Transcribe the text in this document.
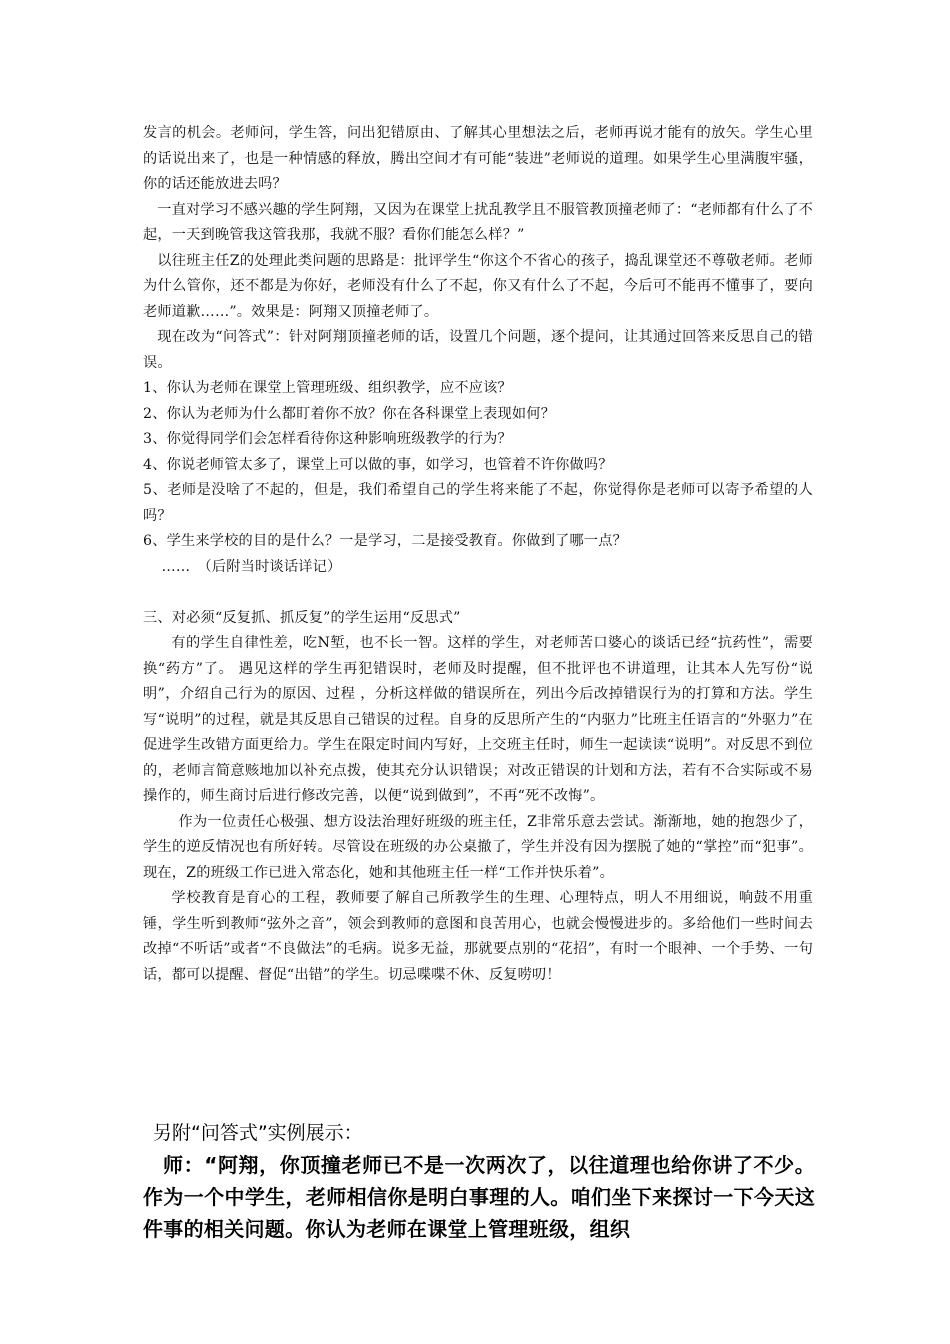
发言的机会。老师问，学生答，问出犯错原由、了解其心里想法之后，老师再说才能有的放矢。学生心里的话说出来了，也是一种情感的释放，腾出空间才有可能“装进”老师说的道理。如果学生心里满腹牢骚，你的话还能放进去吗？

一直对学习不感兴趣的学生阿翔，又因为在课堂上扰乱教学且不服管教顶撞老师了：“老师都有什么了不起，一天到晚管我这管我那，我就不服？看你们能怎么样？”

以往班主任Z的处理此类问题的思路是：批评学生“你这个不省心的孩子，捣乱课堂还不尊敬老师。老师为什么管你，还不都是为你好，老师没有什么了不起，你又有什么了不起，今后可不能再不懂事了，要向老师道歉……”。效果是：阿翔又顶撞老师了。

现在改为“问答式”：针对阿翔顶撞老师的话，设置几个问题，逐个提问，让其通过回答来反思自己的错误。

1、你认为老师在课堂上管理班级、组织教学，应不应该？

2、你认为老师为什么都盯着你不放？你在各科课堂上表现如何？

3、你觉得同学们会怎样看待你这种影响班级教学的行为？

4、你说老师管太多了，课堂上可以做的事，如学习，也管着不许你做吗？

5、老师是没啥了不起的，但是，我们希望自己的学生将来能了不起，你觉得你是老师可以寄予希望的人吗？

6、学生来学校的目的是什么？一是学习，二是接受教育。你做到了哪一点？

……　（后附当时谈话详记）

三、对必须“反复抓、抓反复”的学生运用“反思式”

有的学生自律性差，吃N堑，也不长一智。这样的学生，对老师苦口婆心的谈话已经“抗药性”，需要换“药方”了。 遇见这样的学生再犯错误时，老师及时提醒，但不批评也不讲道理，让其本人先写份“说明”，介绍自己行为的原因、过程 ，分析这样做的错误所在，列出今后改掉错误行为的打算和方法。学生写“说明”的过程，就是其反思自己错误的过程。自身的反思所产生的“内驱力”比班主任语言的“外驱力”在促进学生改错方面更给力。学生在限定时间内写好，上交班主任时，师生一起读读“说明”。对反思不到位的，老师言简意赅地加以补充点拨，使其充分认识错误；对改正错误的计划和方法，若有不合实际或不易操作的，师生商讨后进行修改完善，以便“说到做到”，不再“死不改悔”。

作为一位责任心极强、想方设法治理好班级的班主任，Z非常乐意去尝试。渐渐地，她的抱怨少了，学生的逆反情况也有所好转。尽管设在班级的办公桌撤了，学生并没有因为摆脱了她的“掌控”而“犯事”。现在，Z的班级工作已进入常态化，她和其他班主任一样“工作并快乐着”。

学校教育是育心的工程，教师要了解自己所教学生的生理、心理特点，明人不用细说，响鼓不用重锤，学生听到教师“弦外之音”，领会到教师的意图和良苦用心，也就会慢慢进步的。多给他们一些时间去改掉“不听话”或者“不良做法”的毛病。说多无益，那就要点别的“花招”，有时一个眼神、一个手势、一句话，都可以提醒、督促“出错”的学生。切忌喋喋不休、反复唠叨！

另附“问答式”实例展示：

师：“阿翔，你顶撞老师已不是一次两次了，以往道理也给你讲了不少。作为一个中学生，老师相信你是明白事理的人。咱们坐下来探讨一下今天这件事的相关问题。你认为老师在课堂上管理班级，组织
